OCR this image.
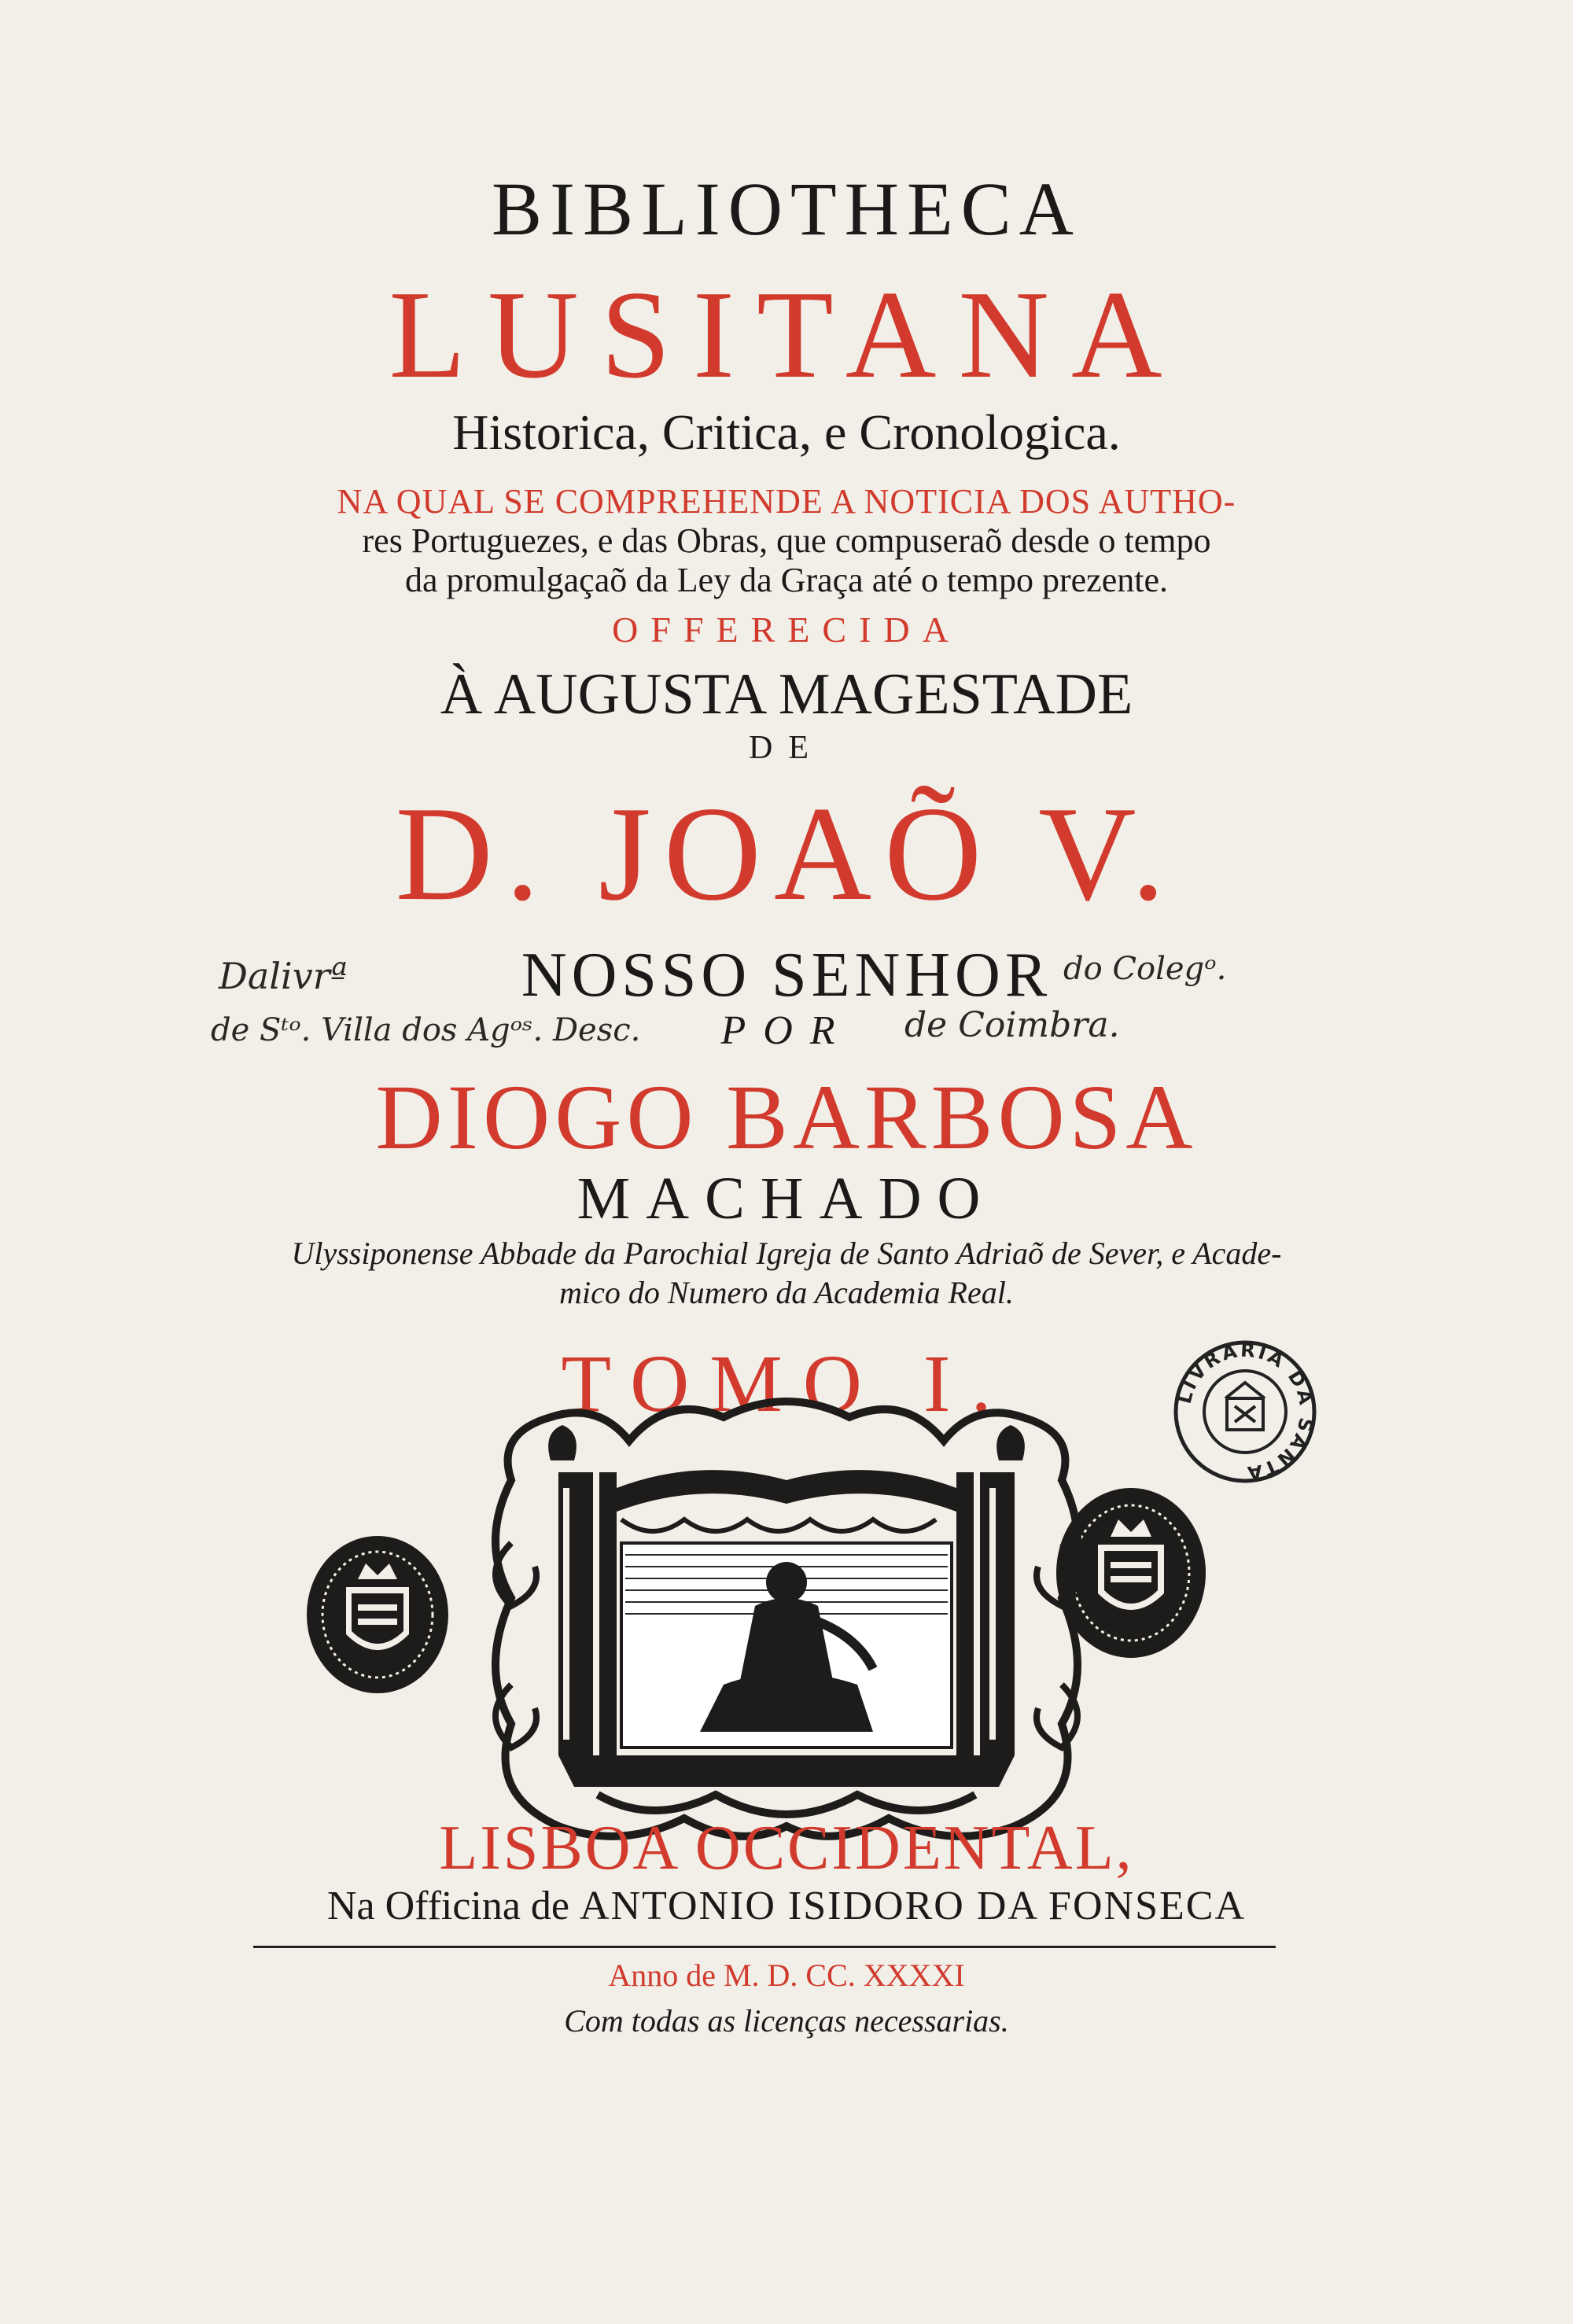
BIBLIOTHECA
LUSITANA
Historica, Critica, e Cronologica.
NA QUAL SE COMPREHENDE A NOTICIA DOS AUTHO-
res Portuguezes, e das Obras, que compuseraõ desde o tempo
da promulgaçaõ da Ley da Graça até o tempo prezente.
OFFERECIDA
À AUGUSTA MAGESTADE
DE
D. JOAÕ V.
NOSSO SENHOR
POR
DIOGO BARBOSA
MACHADO
Ulyssiponense Abbade da Parochial Igreja de Santo Adriaõ de Sever, e Acade-
mico do Numero da Academia Real.
TOMO I.
Dalivrª
de Sᵗᵒ. Villa dos Agᵒˢ. Desc.
do Colegᵒ.
de Coimbra.
LIVRARIA DA SANTA
LISBOA OCCIDENTAL,
Na Officina de ANTONIO ISIDORO DA FONSECA
Anno de M. D. CC. XXXXI
Com todas as licenças necessarias.
